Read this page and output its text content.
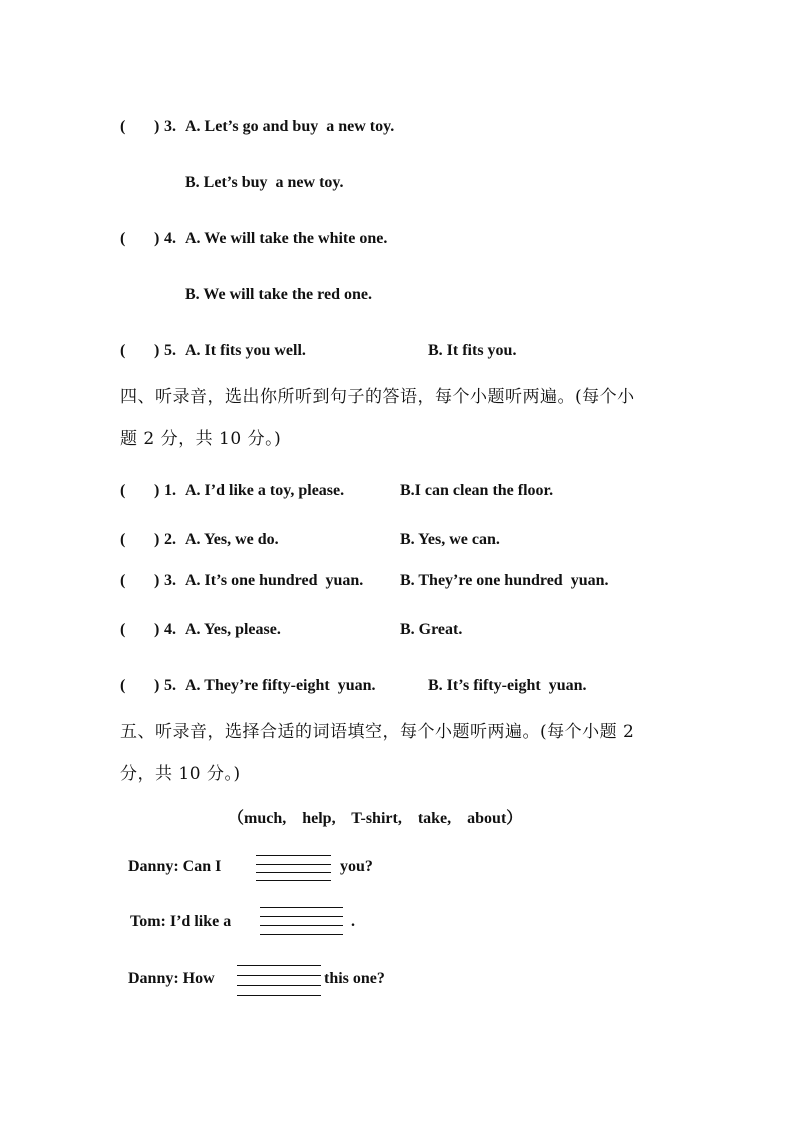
( ) 3. A. Let’s go and buy  a new toy.
B. Let’s buy  a new toy.
( ) 4. A. We will take the white one.
B. We will take the red one.
( ) 5. A. It fits you well.	B. It fits you.
四、听录音，选出你所听到句子的答语，每个小题听两遍。(每个小
题 2 分，共 10 分。)
( ) 1. A. I’d like a toy, please.	B.I can clean the floor.
( ) 2. A. Yes, we do.	B. Yes, we can.
( ) 3. A. It’s one hundred  yuan. B. They’re one hundred  yuan.
( ) 4. A. Yes, please.	B. Great.
( ) 5. A. They’re fifty-eight  yuan.	B. It’s fifty-eight  yuan.
五、听录音，选择合适的词语填空，每个小题听两遍。(每个小题 2
分，共 10 分。)
（much,    help,    T-shirt,    take,    about）
Danny: Can I	you?
Tom: I’d like a	.
Danny: How	this one?
